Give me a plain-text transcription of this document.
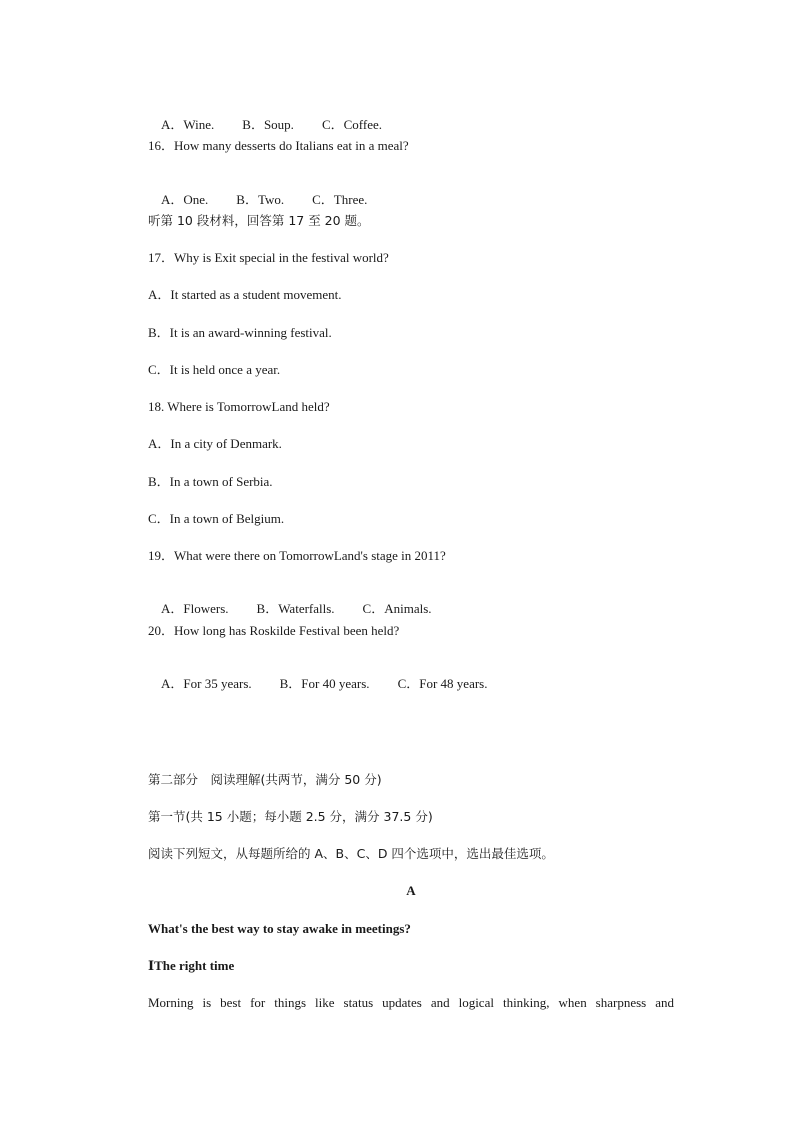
A．Wine. B．Soup. C．Coffee.

16．How many desserts do Italians eat in a meal?

A．One. B．Two. C．Three.

听第 10 段材料，回答第 17 至 20 题。
17．Why is Exit special in the festival world?
A．It started as a student movement.
B．It is an award-winning festival.
C．It is held once a year.
18. Where is TomorrowLand held?
A．In a city of Denmark.
B．In a town of Serbia.
C．In a town of Belgium.
19．What were there on TomorrowLand's stage in 2011?

A．Flowers. B．Waterfalls. C．Animals.

20．How long has Roskilde Festival been held?

A．For 35 years. B．For 40 years. C．For 48 years.

第二部分　阅读理解(共两节，满分 50 分)
第一节(共 15 小题；每小题 2.5 分，满分 37.5 分)
阅读下列短文，从每题所给的 A、B、C、D 四个选项中，选出最佳选项。
A
What's the best way to stay awake in meetings?
ⅠThe right time
Morning is best for things like status updates and logical thinking, when sharpness and
